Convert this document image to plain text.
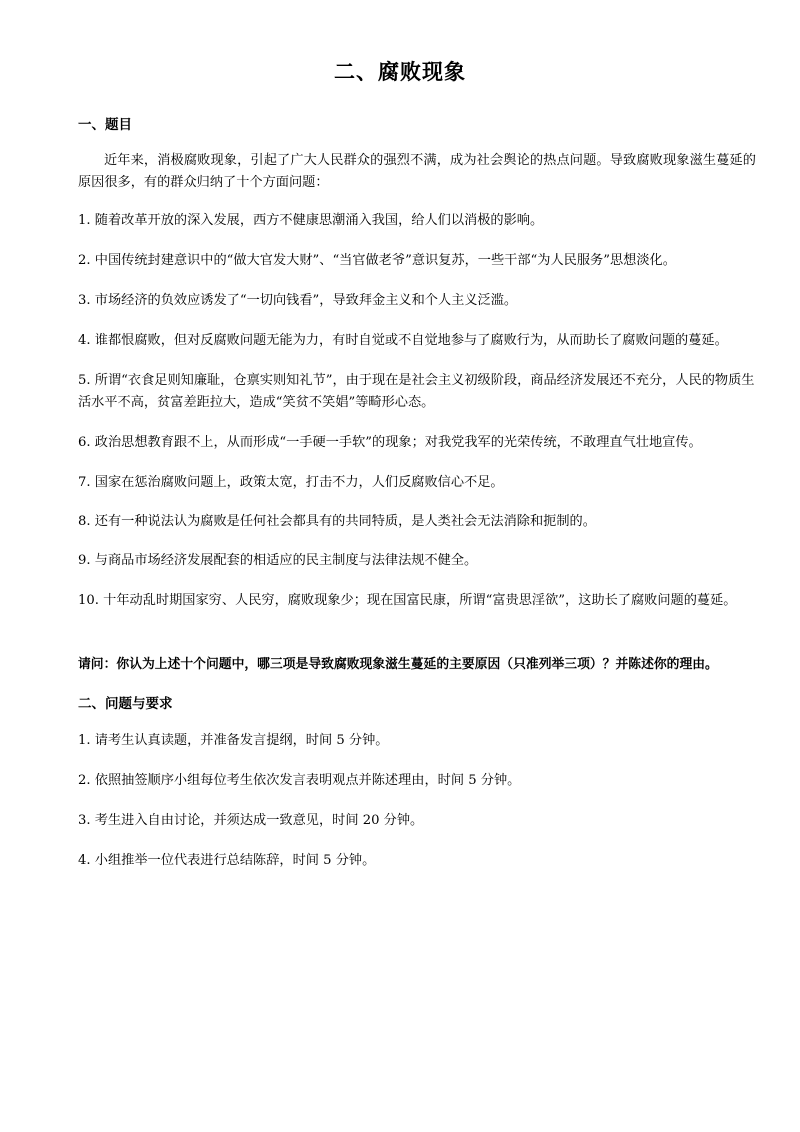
二、腐败现象
一、题目
近年来，消极腐败现象，引起了广大人民群众的强烈不满，成为社会舆论的热点问题。导致腐败现象滋生蔓延的原因很多，有的群众归纳了十个方面问题：
1. 随着改革开放的深入发展，西方不健康思潮涌入我国，给人们以消极的影响。
2. 中国传统封建意识中的“做大官发大财”、“当官做老爷”意识复苏，一些干部“为人民服务”思想淡化。
3. 市场经济的负效应诱发了“一切向钱看”，导致拜金主义和个人主义泛滥。
4. 谁都恨腐败，但对反腐败问题无能为力，有时自觉或不自觉地参与了腐败行为，从而助长了腐败问题的蔓延。
5. 所谓“衣食足则知廉耻，仓禀实则知礼节”，由于现在是社会主义初级阶段，商品经济发展还不充分，人民的物质生活水平不高，贫富差距拉大，造成“笑贫不笑娼”等畸形心态。
6. 政治思想教育跟不上，从而形成“一手硬一手软”的现象；对我党我军的光荣传统，不敢理直气壮地宣传。
7. 国家在惩治腐败问题上，政策太宽，打击不力，人们反腐败信心不足。
8. 还有一种说法认为腐败是任何社会都具有的共同特质，是人类社会无法消除和扼制的。
9. 与商品市场经济发展配套的相适应的民主制度与法律法规不健全。
10. 十年动乱时期国家穷、人民穷，腐败现象少；现在国富民康，所谓“富贵思淫欲”，这助长了腐败问题的蔓延。
请问：你认为上述十个问题中，哪三项是导致腐败现象滋生蔓延的主要原因（只准列举三项）？并陈述你的理由。
二、问题与要求
1. 请考生认真读题，并准备发言提纲，时间 5 分钟。
2. 依照抽签顺序小组每位考生依次发言表明观点并陈述理由，时间 5 分钟。
3. 考生进入自由讨论，并须达成一致意见，时间 20 分钟。
4. 小组推举一位代表进行总结陈辞，时间 5 分钟。
